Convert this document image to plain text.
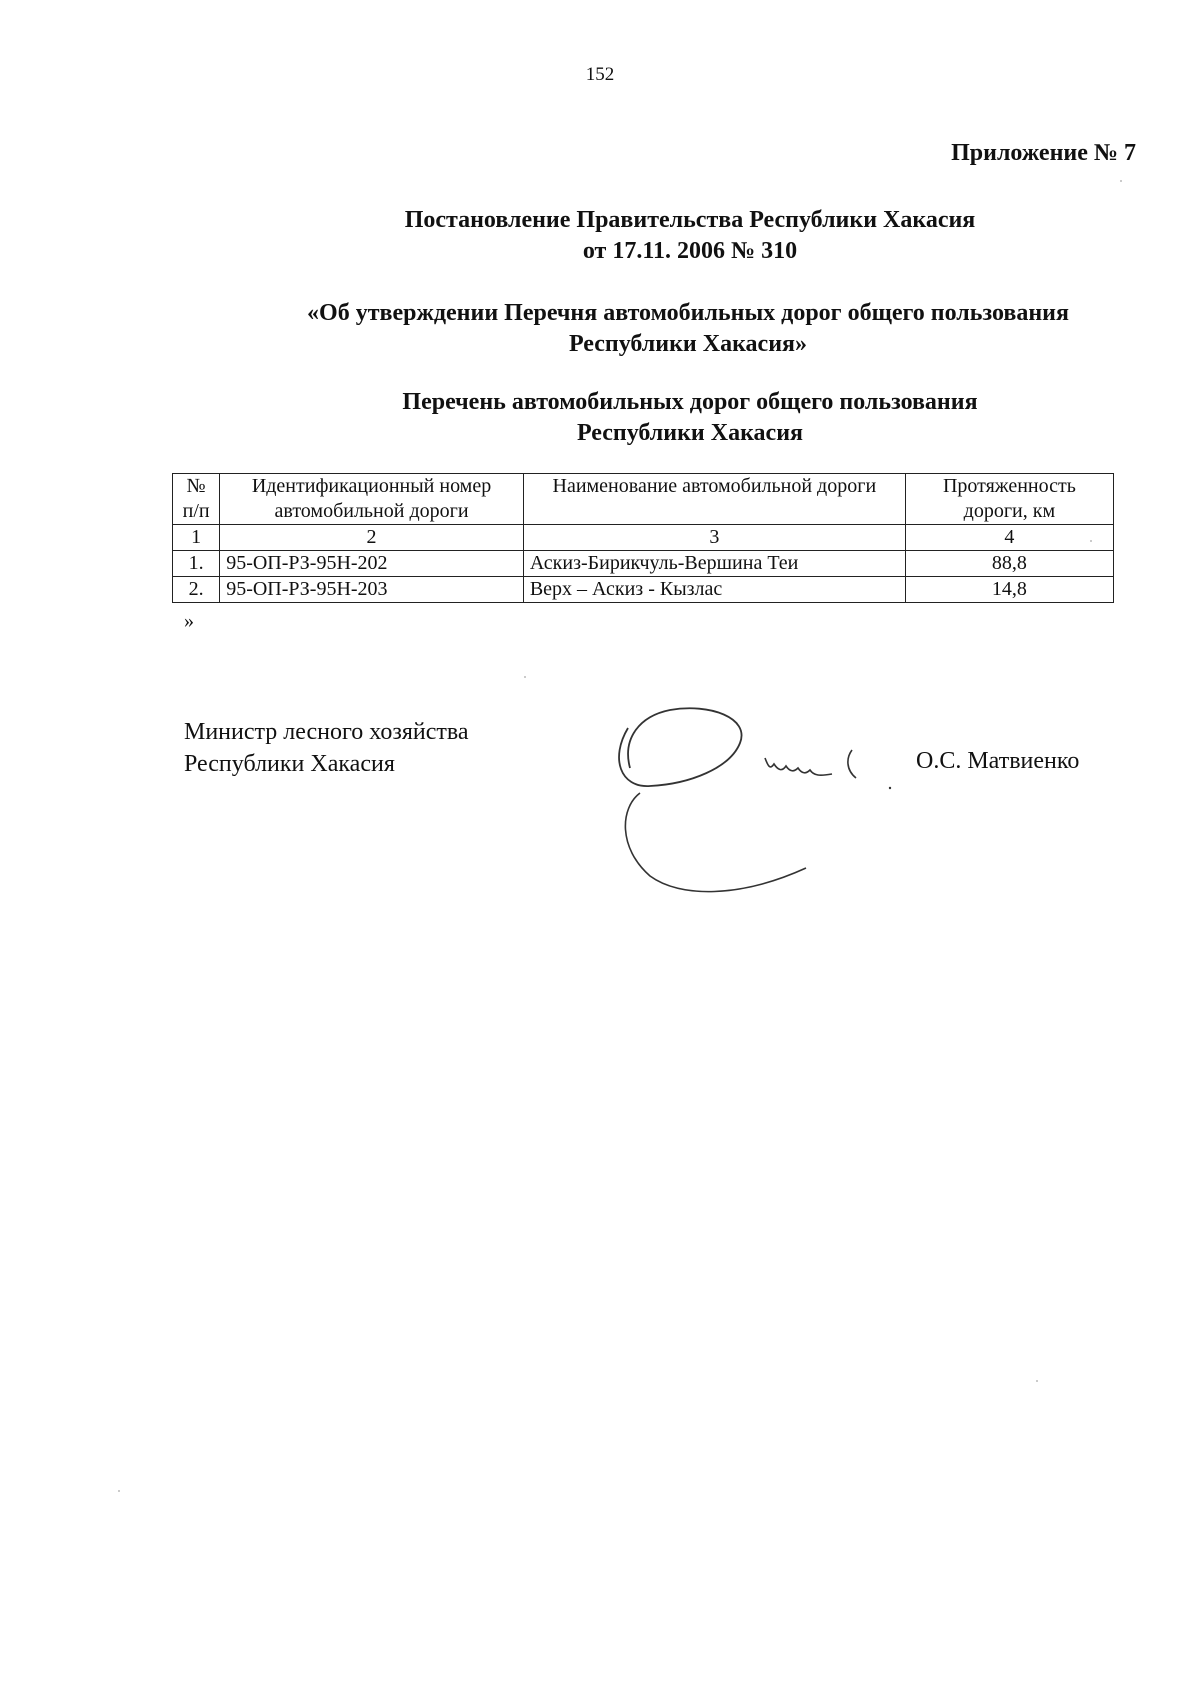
152
Приложение № 7
Постановление Правительства Республики Хакасия
от 17.11. 2006 № 310
«Об утверждении Перечня автомобильных дорог общего пользования
Республики Хакасия»
Перечень автомобильных дорог общего пользования
Республики Хакасия
№ п/п	Идентификационный номер автомобильной дороги	Наименование автомобильной дороги	Протяженность дороги, км
1	2	3	4
1.	95-ОП-РЗ-95Н-202	Аскиз-Бирикчуль-Вершина Теи	88,8
2.	95-ОП-РЗ-95Н-203	Верх – Аскиз - Кызлас	14,8
»
Министр лесного хозяйства
Республики Хакасия	О.С. Матвиенко
